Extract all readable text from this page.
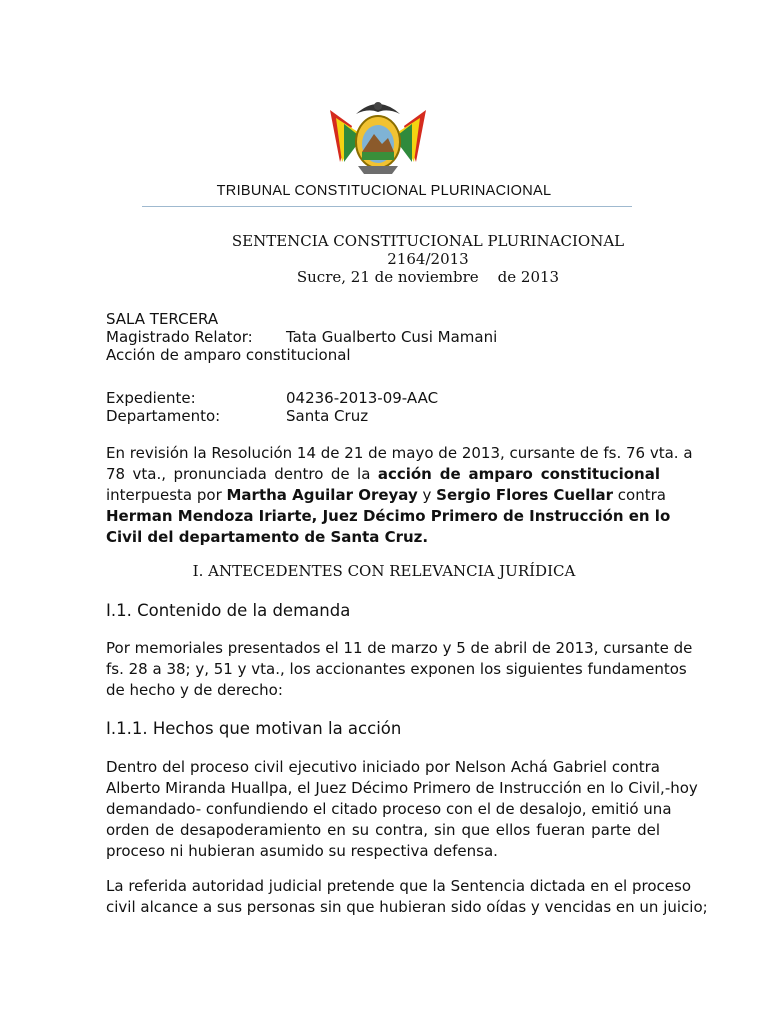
TRIBUNAL CONSTITUCIONAL PLURINACIONAL
SENTENCIA CONSTITUCIONAL PLURINACIONAL
2164/2013
Sucre, 21 de noviembre    de 2013
SALA TERCERA
Magistrado Relator:	Tata Gualberto Cusi Mamani
Acción de amparo constitucional
Expediente:	04236-2013-09-AAC
Departamento:	Santa Cruz
En revisión la Resolución 14 de 21 de mayo de 2013, cursante de fs. 76 vta. a
78 vta., pronunciada dentro de la acción de amparo constitucional
interpuesta por Martha Aguilar Oreyay y Sergio Flores Cuellar contra
Herman Mendoza Iriarte, Juez Décimo Primero de Instrucción en lo
Civil del departamento de Santa Cruz.
I. ANTECEDENTES CON RELEVANCIA JURÍDICA
I.1. Contenido de la demanda
Por memoriales presentados el 11 de marzo y 5 de abril de 2013, cursante de
fs. 28 a 38; y, 51 y vta., los accionantes exponen los siguientes fundamentos
de hecho y de derecho:
I.1.1. Hechos que motivan la acción
Dentro del proceso civil ejecutivo iniciado por Nelson Achá Gabriel contra
Alberto Miranda Huallpa, el Juez Décimo Primero de Instrucción en lo Civil,-hoy
demandado- confundiendo el citado proceso con el de desalojo, emitió una
orden de desapoderamiento en su contra, sin que ellos fueran parte del
proceso ni hubieran asumido su respectiva defensa.
La referida autoridad judicial pretende que la Sentencia dictada en el proceso
civil alcance a sus personas sin que hubieran sido oídas y vencidas en un juicio;
